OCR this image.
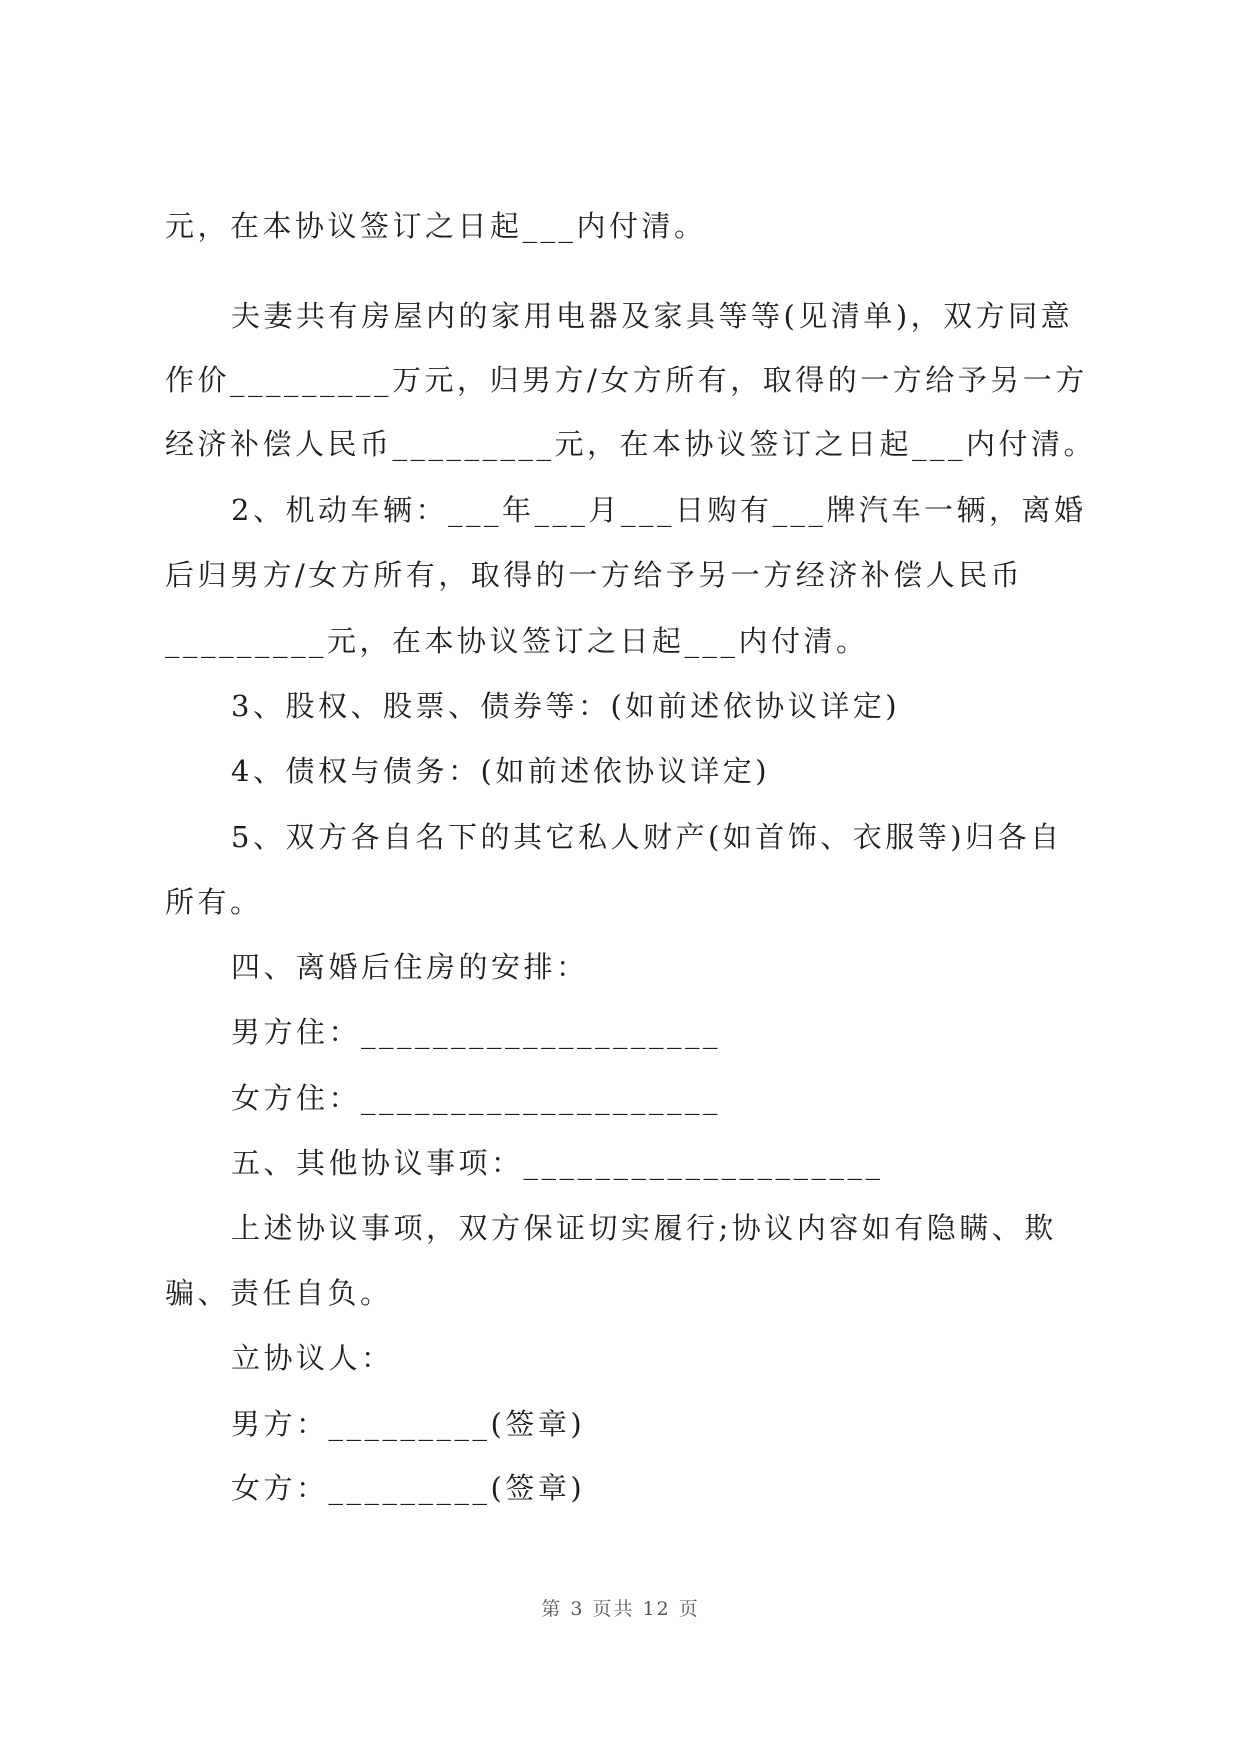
元，在本协议签订之日起___内付清。
夫妻共有房屋内的家用电器及家具等等(见清单)，双方同意
作价_________万元，归男方/女方所有，取得的一方给予另一方
经济补偿人民币_________元，在本协议签订之日起___内付清。
2、机动车辆：___年___月___日购有___牌汽车一辆，离婚
后归男方/女方所有，取得的一方给予另一方经济补偿人民币
_________元，在本协议签订之日起___内付清。
3、股权、股票、债券等：(如前述依协议详定)
4、债权与债务：(如前述依协议详定)
5、双方各自名下的其它私人财产(如首饰、衣服等)归各自
所有。
四、离婚后住房的安排：
男方住：____________________
女方住：____________________
五、其他协议事项：____________________
上述协议事项，双方保证切实履行;协议内容如有隐瞒、欺
骗、责任自负。
立协议人：
男方：_________(签章)
女方：_________(签章)
第 3 页共 12 页
